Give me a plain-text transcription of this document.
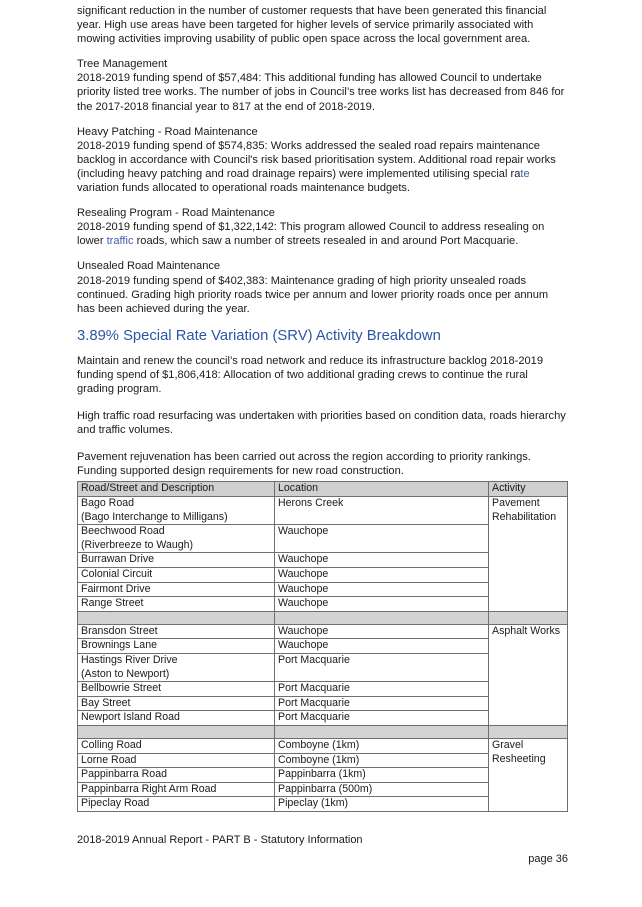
significant reduction in the number of customer requests that have been generated this financial year. High use areas have been targeted for higher levels of service primarily associated with mowing activities improving usability of public open space across the local government area.

Tree Management

2018-2019 funding spend of $57,484: This additional funding has allowed Council to undertake priority listed tree works. The number of jobs in Council’s tree works list has decreased from 846 for the 2017-2018 financial year to 817 at the end of 2018-2019.

Heavy Patching - Road Maintenance

2018-2019 funding spend of $574,835: Works addressed the sealed road repairs maintenance backlog in accordance with Council's risk based prioritisation system. Additional road repair works (including heavy patching and road drainage repairs) were implemented utilising special rate variation funds allocated to operational roads maintenance budgets.

Resealing Program - Road Maintenance

2018-2019 funding spend of $1,322,142: This program allowed Council to address resealing on lower traffic roads, which saw a number of streets resealed in and around Port Macquarie.

Unsealed Road Maintenance

2018-2019 funding spend of $402,383: Maintenance grading of high priority unsealed roads continued. Grading high priority roads twice per annum and lower priority roads once per annum has been achieved during the year.

3.89% Special Rate Variation (SRV) Activity Breakdown

Maintain and renew the council’s road network and reduce its infrastructure backlog 2018-2019 funding spend of $1,806,418: Allocation of two additional grading crews to continue the rural grading program.

High traffic road resurfacing was undertaken with priorities based on condition data, roads hierarchy and traffic volumes.

Pavement rejuvenation has been carried out across the region according to priority rankings. Funding supported design requirements for new road construction.

Road/Street and Description	Location	Activity
Bago Road
(Bago Interchange to Milligans)	Herons Creek	Pavement Rehabilitation
Beechwood Road
(Riverbreeze to Waugh)	Wauchope	
Burrawan Drive	Wauchope	
Colonial Circuit	Wauchope	
Fairmont Drive	Wauchope	
Range Street	Wauchope	

Bransdon Street	Wauchope	Asphalt Works
Brownings Lane	Wauchope	
Hastings River Drive
(Aston to Newport)	Port Macquarie	
Bellbowrie Street	Port Macquarie	
Bay Street	Port Macquarie	
Newport Island Road	Port Macquarie	

Colling Road	Comboyne (1km)	Gravel Resheeting
Lorne Road	Comboyne (1km)	
Pappinbarra Road	Pappinbarra (1km)	
Pappinbarra Right Arm Road	Pappinbarra (500m)	
Pipeclay Road	Pipeclay (1km)	
2018-2019 Annual Report - PART B - Statutory Information
page 36
